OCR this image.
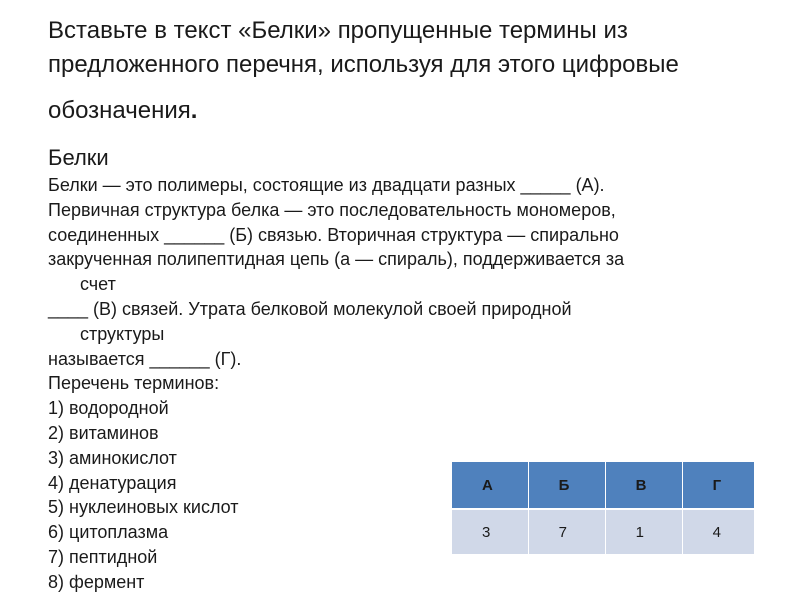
Вставьте в текст «Белки» пропущенные термины из
предложенного перечня, используя для этого цифровые
обозначения.
Белки
Белки — это полимеры, состоящие из двадцати разных _____ (А).
Первичная структура белка — это последовательность мономеров,
соединенных ______ (Б) связью. Вторичная структура — спирально
закрученная полипептидная цепь (а — спираль), поддерживается за
счет
____ (В) связей. Утрата белковой молекулой своей природной
структуры
называется ______ (Г).
Перечень терминов:
1) водородной
2) витаминов
3) аминокислот
4) денатурация
5) нуклеиновых кислот
6) цитоплазма
7) пептидной
8) фермент
А	Б	В	Г
3	7	1	4
